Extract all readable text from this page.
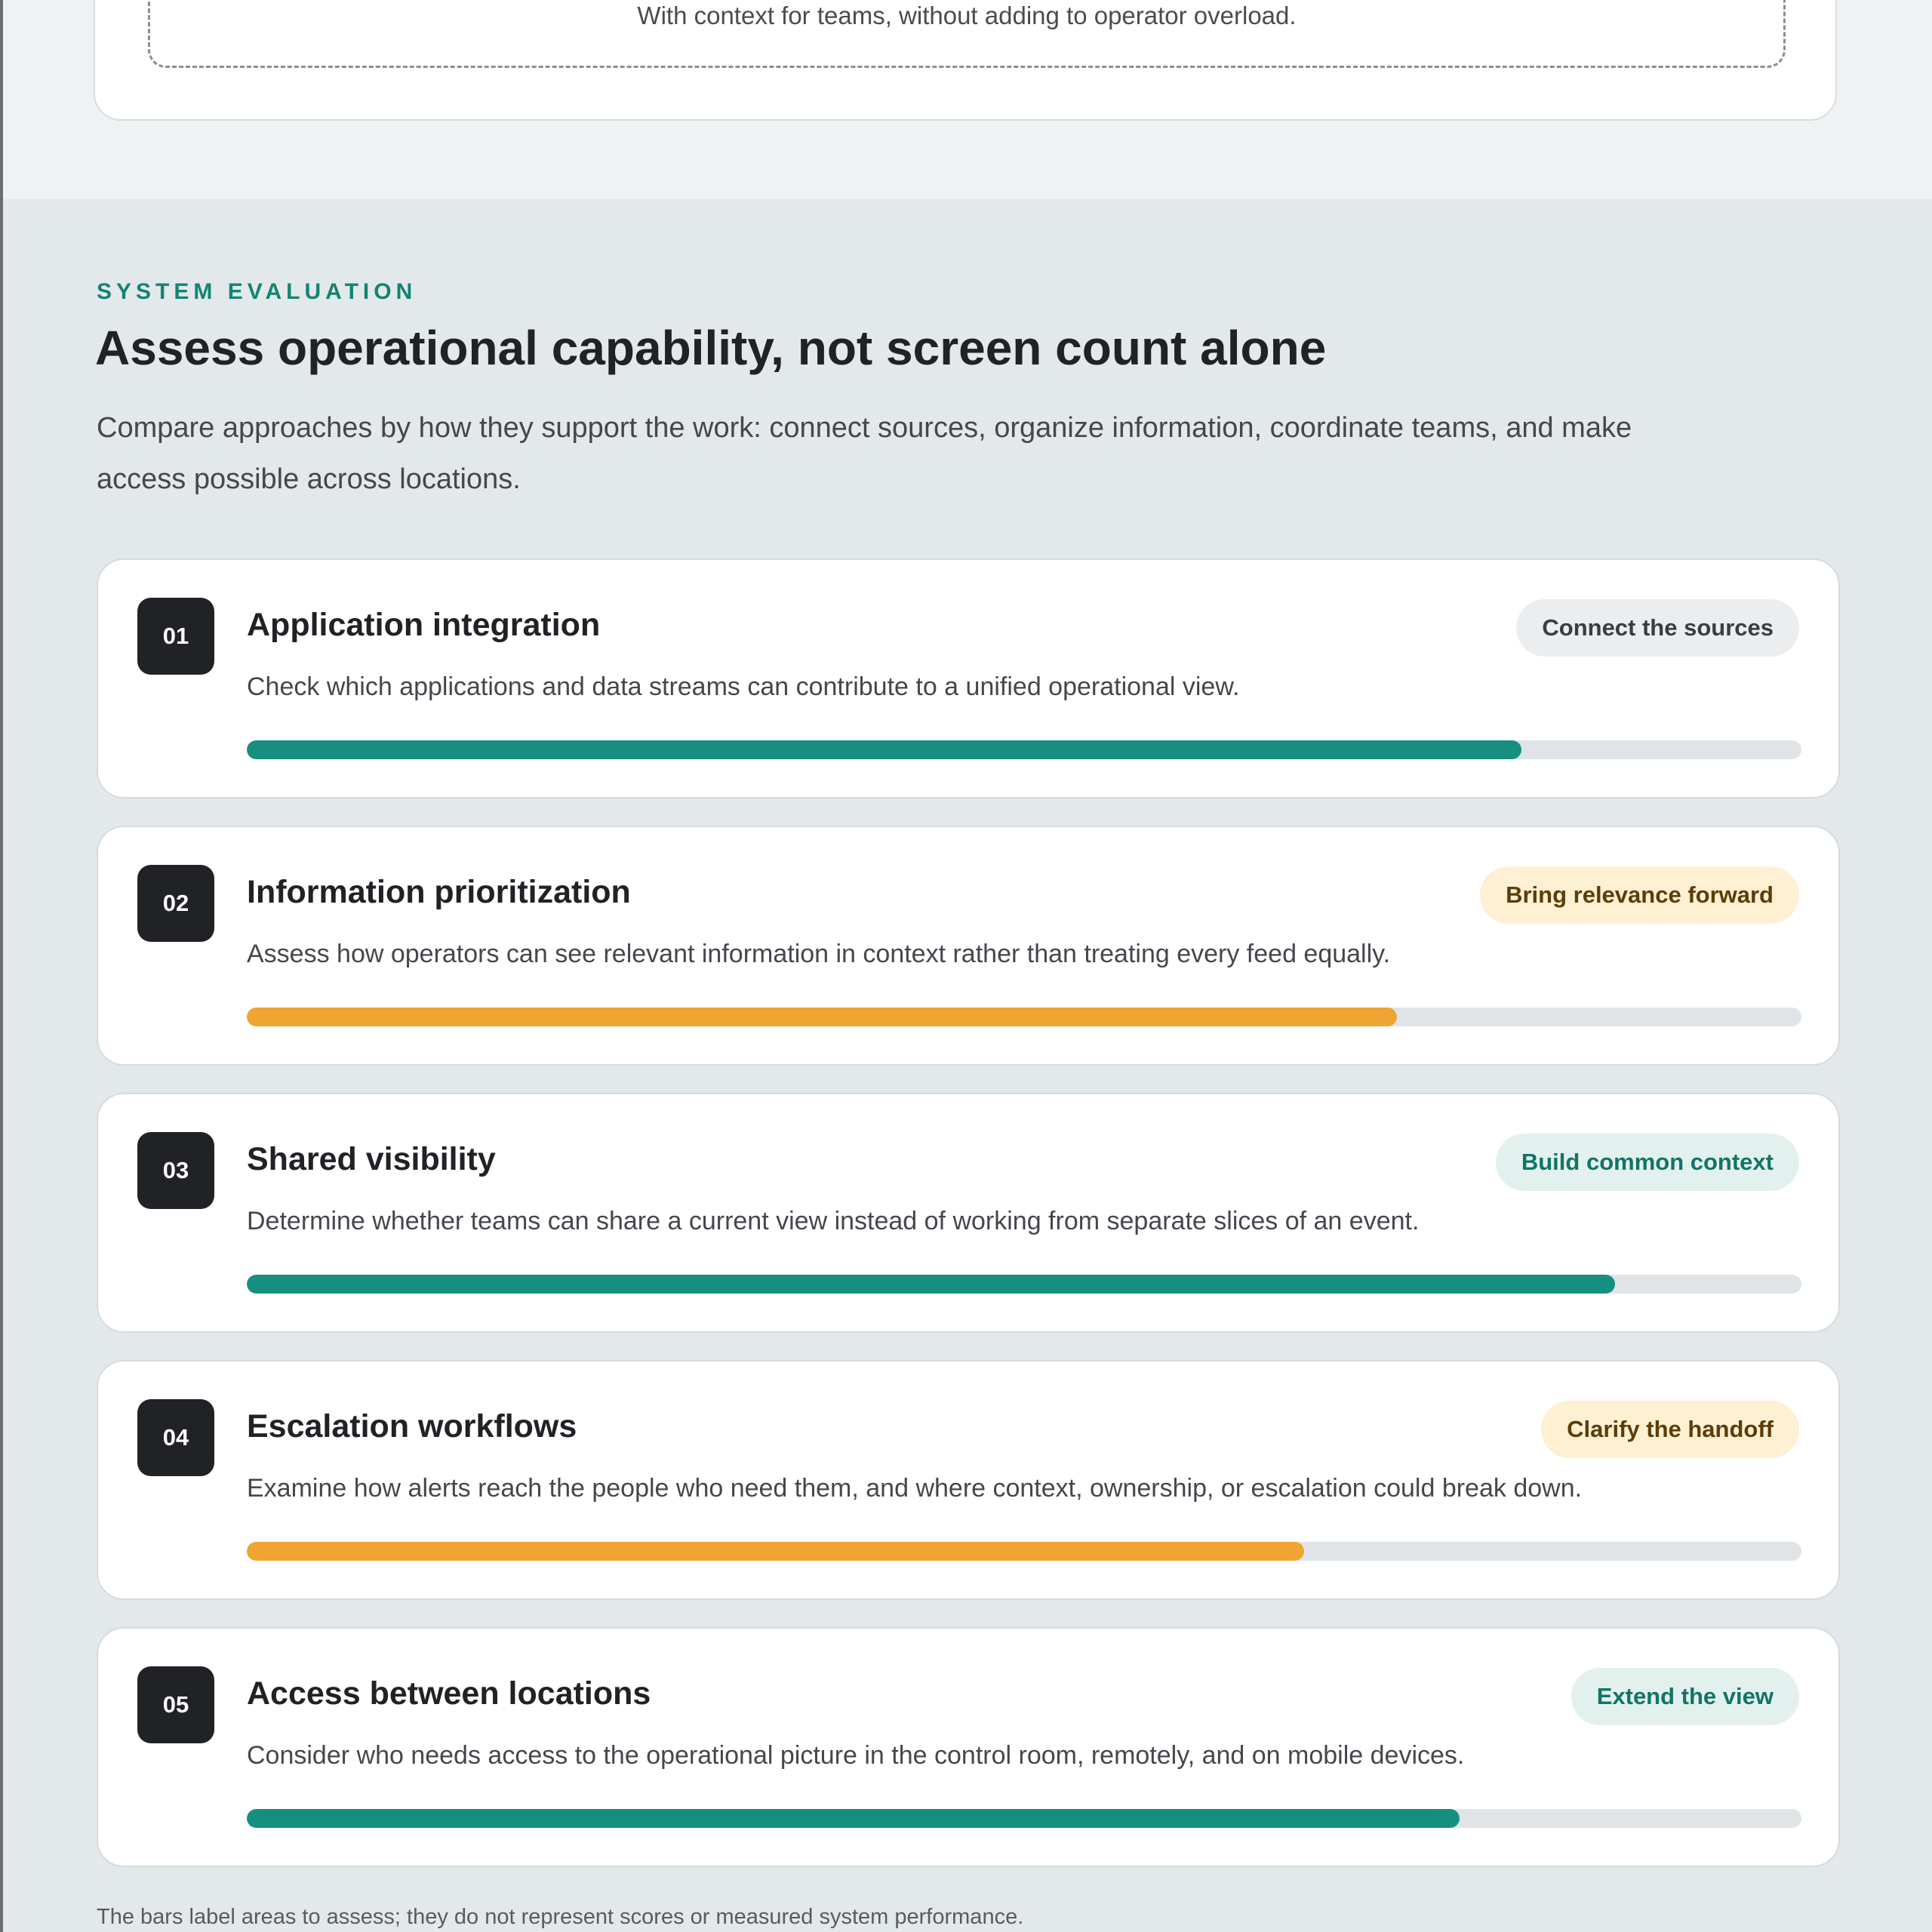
With context for teams, without adding to operator overload.
SYSTEM EVALUATION
Assess operational capability, not screen count alone
Compare approaches by how they support the work: connect sources, organize information, coordinate teams, and make access possible across locations.
01	Application integration	Connect the sources
Check which applications and data streams can contribute to a unified operational view.
02	Information prioritization	Bring relevance forward
Assess how operators can see relevant information in context rather than treating every feed equally.
03	Shared visibility	Build common context
Determine whether teams can share a current view instead of working from separate slices of an event.
04	Escalation workflows	Clarify the handoff
Examine how alerts reach the people who need them, and where context, ownership, or escalation could break down.
05	Access between locations	Extend the view
Consider who needs access to the operational picture in the control room, remotely, and on mobile devices.
The bars label areas to assess; they do not represent scores or measured system performance.
